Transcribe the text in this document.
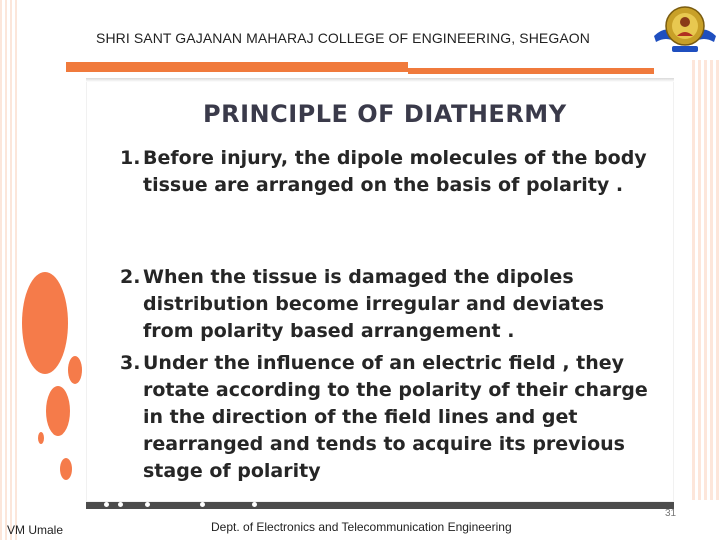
SHRI SANT GAJANAN MAHARAJ COLLEGE OF ENGINEERING, SHEGAON
PRINCIPLE OF DIATHERMY
1. Before injury, the dipole molecules of the body tissue are arranged on the basis of polarity .
2. When the tissue is damaged the dipoles distribution become irregular and deviates from polarity based arrangement .
3. Under the influence of an electric field , they rotate according to the polarity of their charge in the direction of the field lines and get rearranged and tends to acquire its previous stage of polarity
VM Umale	Dept. of Electronics and Telecommunication Engineering
31
